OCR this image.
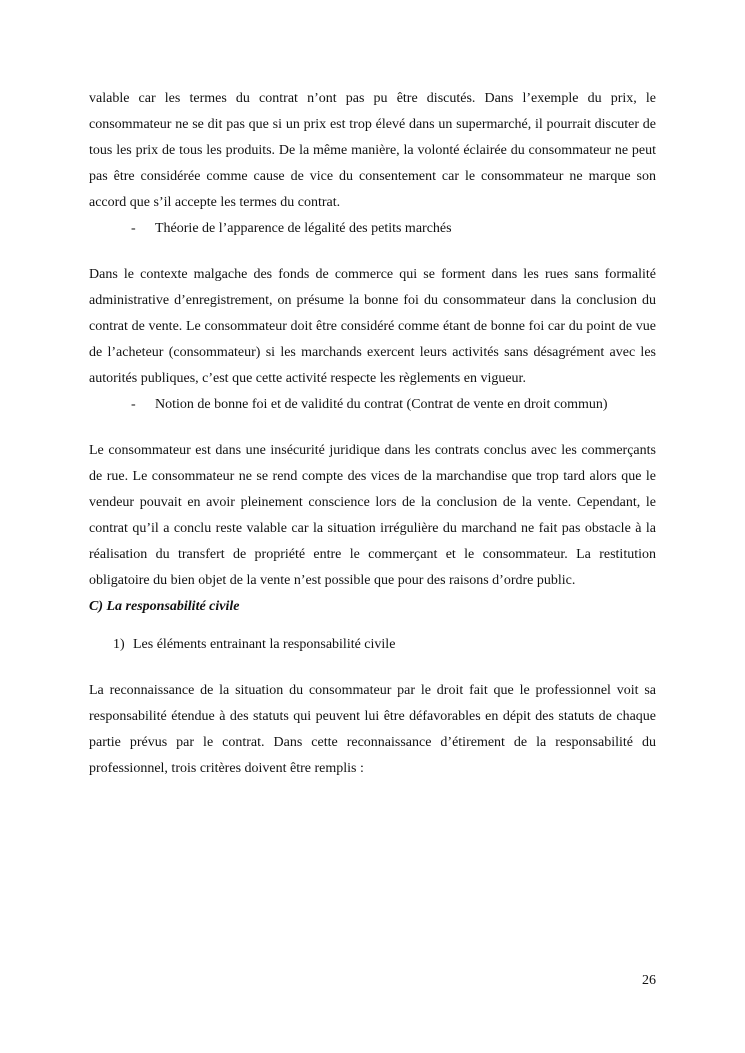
valable car les termes du contrat n’ont pas pu être discutés. Dans l’exemple du prix, le consommateur ne se dit pas que si un prix est trop élevé dans un supermarché, il pourrait discuter de tous les prix de tous les produits. De la même manière, la volonté éclairée du consommateur ne peut pas être considérée comme cause de vice du consentement car le consommateur ne marque son accord que s’il accepte les termes du contrat.

- Théorie de l’apparence de légalité des petits marchés

Dans le contexte malgache des fonds de commerce qui se forment dans les rues sans formalité administrative d’enregistrement, on présume la bonne foi du consommateur dans la conclusion du contrat de vente. Le consommateur doit être considéré comme étant de bonne foi car du point de vue de l’acheteur (consommateur) si les marchands exercent leurs activités sans désagrément avec les autorités publiques, c’est que cette activité respecte les règlements en vigueur.

- Notion de bonne foi et de validité du contrat (Contrat de vente en droit commun)

Le consommateur est dans une insécurité juridique dans les contrats conclus avec les commerçants de rue. Le consommateur ne se rend compte des vices de la marchandise que trop tard alors que le vendeur pouvait en avoir pleinement conscience lors de la conclusion de la vente. Cependant, le contrat qu’il a conclu reste valable car la situation irrégulière du marchand ne fait pas obstacle à la réalisation du transfert de propriété entre le commerçant et le consommateur. La restitution obligatoire du bien objet de la vente n’est possible que pour des raisons d’ordre public.

C) La responsabilité civile
1) Les éléments entrainant la responsabilité civile

La reconnaissance de la situation du consommateur par le droit fait que le professionnel voit sa responsabilité étendue à des statuts qui peuvent lui être défavorables en dépit des statuts de chaque partie prévus par le contrat. Dans cette reconnaissance d’étirement de la responsabilité du professionnel, trois critères doivent être remplis :

26
